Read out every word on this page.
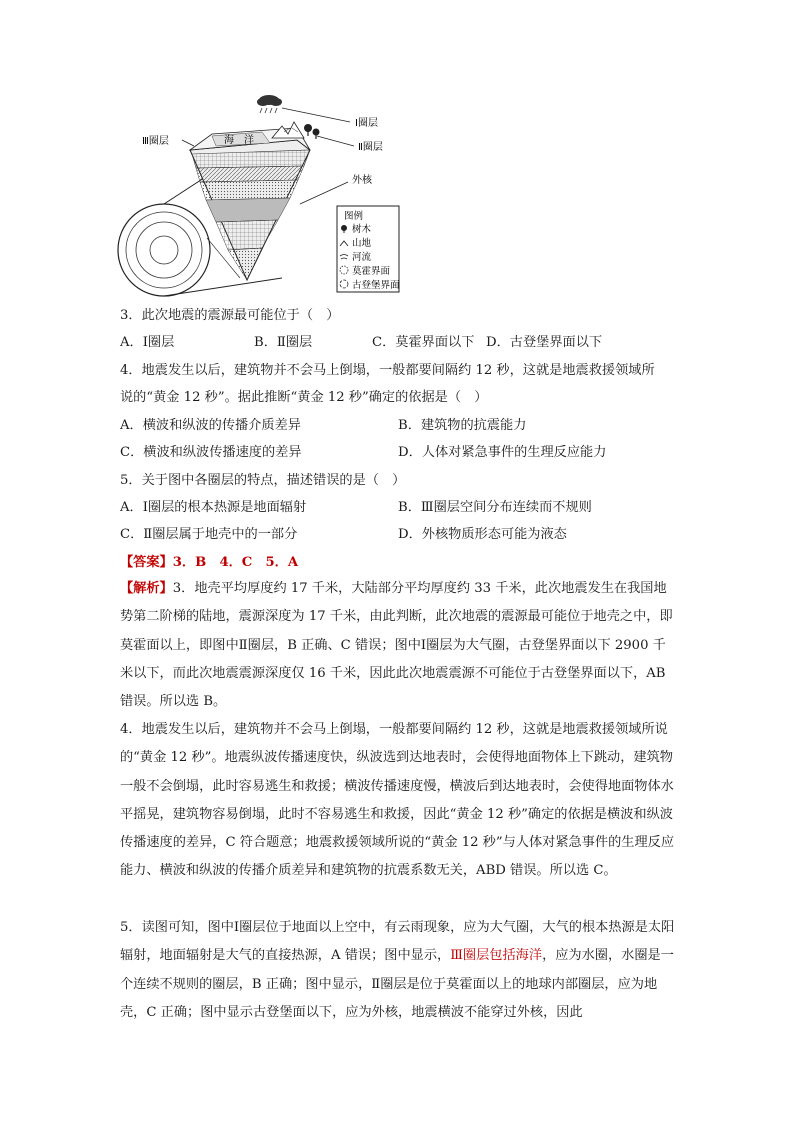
Ⅰ圈层
Ⅱ圈层
Ⅲ圈层	海　洋
外核
图例
树木
山地
河流
莫霍界面
古登堡界面
3．此次地震的震源最可能位于（　）
A．Ⅰ圈层	B．Ⅱ圈层	C．莫霍界面以下 D．古登堡界面以下
4．地震发生以后，建筑物并不会马上倒塌，一般都要间隔约 12 秒，这就是地震救援领域所
说的“黄金 12 秒”。据此推断“黄金 12 秒”确定的依据是（　）
A．横波和纵波的传播介质差异	B．建筑物的抗震能力
C．横波和纵波传播速度的差异	D．人体对紧急事件的生理反应能力
5．关于图中各圈层的特点，描述错误的是（　）
A．Ⅰ圈层的根本热源是地面辐射	B．Ⅲ圈层空间分布连续而不规则
C．Ⅱ圈层属于地壳中的一部分	D．外核物质形态可能为液态
【答案】3．B　4．C　5．A
【解析】3．地壳平均厚度约 17 千米，大陆部分平均厚度约 33 千米，此次地震发生在我国地势第二阶梯的陆地，震源深度为 17 千米，由此判断，此次地震的震源最可能位于地壳之中，即莫霍面以上，即图中Ⅱ圈层，B 正确、C 错误；图中Ⅰ圈层为大气圈，古登堡界面以下 2900 千米以下，而此次地震震源深度仅 16 千米，因此此次地震震源不可能位于古登堡界面以下，AB 错误。所以选 B。
4．地震发生以后，建筑物并不会马上倒塌，一般都要间隔约 12 秒，这就是地震救援领域所说的“黄金 12 秒”。地震纵波传播速度快，纵波选到达地表时，会使得地面物体上下跳动，建筑物一般不会倒塌，此时容易逃生和救援；横波传播速度慢，横波后到达地表时，会使得地面物体水平摇晃，建筑物容易倒塌，此时不容易逃生和救援，因此“黄金 12 秒”确定的依据是横波和纵波传播速度的差异，C 符合题意；地震救援领域所说的“黄金 12 秒”与人体对紧急事件的生理反应能力、横波和纵波的传播介质差异和建筑物的抗震系数无关，ABD 错误。所以选 C。
5．读图可知，图中Ⅰ圈层位于地面以上空中，有云雨现象，应为大气圈，大气的根本热源是太阳辐射，地面辐射是大气的直接热源，A 错误；图中显示，Ⅲ圈层包括海洋，应为水圈，水圈是一个连续不规则的圈层，B 正确；图中显示，Ⅱ圈层是位于莫霍面以上的地球内部圈层，应为地壳，C 正确；图中显示古登堡面以下，应为外核，地震横波不能穿过外核，因此
